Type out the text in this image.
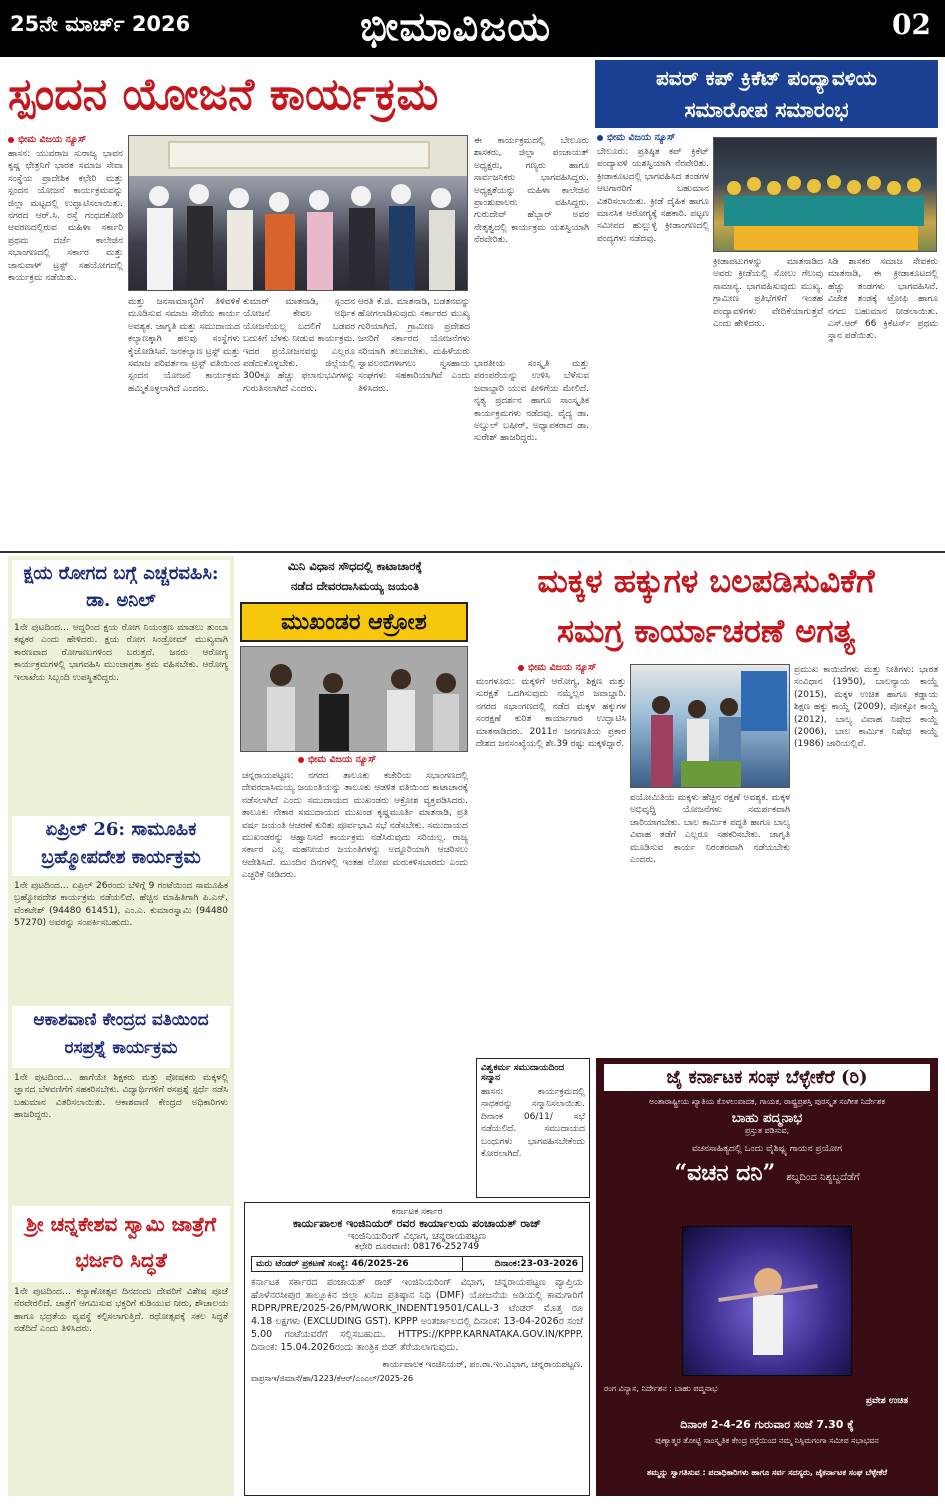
25ನೇ ಮಾರ್ಚ್ 2026	ಭೀಮಾವಿಜಯ	02
ಸ್ಪಂದನ ಯೋಜನೆ ಕಾರ್ಯಕ್ರಮ
ಭೀಮ ವಿಜಯ ನ್ಯೂಸ್
ಹಾಸನ: ಯುವರಾಜ ಸುರಾಜ್ಯ ಭಾವನ ಕೃಷ್ಣ ಛೇತ್ರನಿಗೆ ಭಾರತ ಸಮಾಜ ಸೇವಾ ಸಂಸ್ಥೆಯ ಪ್ರಾದೇಶಿಕ ಕಛೇರಿ ಮತ್ತು ಸ್ಪಂದನ ಯೋಜನೆ ಕಾರ್ಯಕ್ರಮವನ್ನು ಜಿಲ್ಲಾ ಮಟ್ಟದಲ್ಲಿ ಉದ್ಘಾಟಿಸಲಾಯಿತು. ನಗರದ ಆರ್.ಸಿ. ರಸ್ತೆ ಗಂಧದಕೋಠಿ ಆವರಣದಲ್ಲಿರುವ ಮಹಿಳಾ ಸರ್ಕಾರಿ ಪ್ರಥಮ ದರ್ಜೆ ಕಾಲೇಜಿನ ಸಭಾಂಗಣದಲ್ಲಿ ಸರ್ಕಾರ ಮತ್ತು ಜಾನುವಾಳ್ ಟ್ರಸ್ಟ್ ಸಹಯೋಗದಲ್ಲಿ ಕಾರ್ಯಕ್ರಮ ನಡೆಯಿತು.
ಮತ್ತು ಜನಸಾಮಾನ್ಯರಿಗೆ ತಿಳಿವಳಿಕೆ ಮೂಡಿಸುವ ಸಮಾಜ ಸೇವೆಯ ಕಾರ್ಯ ಅವಶ್ಯಕ. ಜಾಗೃತಿ ಮತ್ತು ಸಮುದಾಯದ ಕಲ್ಯಾಣಕ್ಕಾಗಿ ಹಲವು ಸಂಸ್ಥೆಗಳು ಕೈಜೋಡಿಸಿವೆ. ಜನಕಲ್ಯಾಣ ಟ್ರಸ್ಟ್ ಮತ್ತು ಸಮಾಜ ಪರಿವರ್ತನಾ ಟ್ರಸ್ಟ್ ವತಿಯಿಂದ ಸ್ಪಂದನ ಯೋಜನೆ ಕಾರ್ಯಕ್ರಮ ಹಮ್ಮಿಕೊಳ್ಳಲಾಗಿದೆ ಎಂದರು.
ಕುಮಾರ್ ಮಾತನಾಡಿ, ಸ್ಪಂದನ ಯೋಜನೆ ಕೇವಲ ಅರ್ಥಿಕ ಯೋಜನೆಯಲ್ಲ ಬದಲಿಗೆ ಬಡವರ ಬದುಕಿಗೆ ಬೆಳಕು ನೀಡುವ ಕಾರ್ಯಕ್ರಮ. ಇದರ ಪ್ರಯೋಜನವನ್ನು ಎಲ್ಲರೂ ಪಡೆದುಕೊಳ್ಳಬೇಕು. ಜಿಲ್ಲೆಯಲ್ಲಿ 300ಕ್ಕೂ ಹೆಚ್ಚು ಫಲಾನುಭವಿಗಳನ್ನು ಗುರುತಿಸಲಾಗಿದೆ ಎಂದರು.
ಆರತಿ ಕೆ.ಜಿ. ಮಾತನಾಡಿ, ಬಡತನವನ್ನು ಹೋಗಲಾಡಿಸುವುದು ಸರ್ಕಾರದ ಮುಖ್ಯ ಗುರಿಯಾಗಿದೆ. ಗ್ರಾಮೀಣ ಪ್ರದೇಶದ ಜನರಿಗೆ ಸರ್ಕಾರದ ಯೋಜನೆಗಳು ಸರಿಯಾಗಿ ತಲುಪಬೇಕು. ಮಹಿಳೆಯರು ಸ್ವಾವಲಂಬಿಗಳಾಗಲು ಸ್ವಸಹಾಯ ಸಂಘಗಳು ಸಹಕಾರಿಯಾಗಿವೆ ಎಂದು ತಿಳಿಸಿದರು.
ಈ ಕಾರ್ಯಕ್ರಮದಲ್ಲಿ ಬೇಲೂರು ಶಾಸಕರು, ಜಿಲ್ಲಾ ಪಂಚಾಯತ್ ಅಧ್ಯಕ್ಷರು, ಗಣ್ಯರು ಹಾಗೂ ಸಾರ್ವಜನಿಕರು ಭಾಗವಹಿಸಿದ್ದರು. ಅಧ್ಯಕ್ಷತೆಯನ್ನು ಮಹಿಳಾ ಕಾಲೇಜಿನ ಪ್ರಾಂಶುಪಾಲರು ವಹಿಸಿದ್ದರು. ಗುರುದೇವ್ ಹೆಬ್ಬಾರ್ ಅವರ ನೇತೃತ್ವದಲ್ಲಿ ಕಾರ್ಯಕ್ರಮ ಯಶಸ್ವಿಯಾಗಿ ನೆರವೇರಿತು.
ಭಾರತೀಯ ಸಂಸ್ಕೃತಿ ಮತ್ತು ಪರಂಪರೆಯನ್ನು ಉಳಿಸಿ ಬೆಳೆಸುವ ಜವಾಬ್ದಾರಿ ಯುವ ಪೀಳಿಗೆಯ ಮೇಲಿದೆ. ನೃತ್ಯ ಪ್ರದರ್ಶನ ಹಾಗೂ ಸಾಂಸ್ಕೃತಿಕ ಕಾರ್ಯಕ್ರಮಗಳು ನಡೆದವು. ವೈದ್ಯ ಡಾ. ಅಬ್ದುಲ್ ಬಷೀರ್, ಅಧ್ಯಾಪಕರಾದ ಡಾ. ಸುರೇಶ್ ಹಾಜರಿದ್ದರು.
ಪವರ್ ಕಪ್ ಕ್ರಿಕೆಟ್ ಪಂದ್ಯಾವಳಿಯ
ಸಮಾರೋಪ ಸಮಾರಂಭ
ಭೀಮ ವಿಜಯ ನ್ಯೂಸ್
ಬೇಲೂರು: ಪ್ರತಿಷ್ಠಿತ ಕಪ್ ಕ್ರಿಕೆಟ್ ಪಂದ್ಯಾವಳಿ ಯಶಸ್ವಿಯಾಗಿ ನೆರವೇರಿತು. ಕ್ರೀಡಾಕೂಟದಲ್ಲಿ ಭಾಗವಹಿಸಿದ ತಂಡಗಳ ಆಟಗಾರರಿಗೆ ಬಹುಮಾನ ವಿತರಿಸಲಾಯಿತು. ಕ್ರೀಡೆ ದೈಹಿಕ ಹಾಗೂ ಮಾನಸಿಕ ಆರೋಗ್ಯಕ್ಕೆ ಸಹಕಾರಿ. ಪಟ್ಟಣ ಸಮೀಪದ ಹುಲ್ಲುಳ್ಳಿ ಕ್ರೀಡಾಂಗಣದಲ್ಲಿ ಪಂದ್ಯಗಳು ನಡೆದವು.
ಕ್ರೀಡಾಪಟುಗಳನ್ನು ಮಾತನಾಡಿದ ಅವರು ಕ್ರೀಡೆಯಲ್ಲಿ ಸೋಲು ಗೆಲುವು ಸಾಮಾನ್ಯ. ಭಾಗವಹಿಸುವುದು ಮುಖ್ಯ. ಗ್ರಾಮೀಣ ಪ್ರತಿಭೆಗಳಿಗೆ ಇಂತಹ ಪಂದ್ಯಾವಳಿಗಳು ವೇದಿಕೆಯಾಗುತ್ತವೆ ಎಂದು ಹೇಳಿದರು.
ಸಿಡಿ ಶಾಸಕರ ಸಮಾಜ ಸೇವಕರು ಮಾತನಾಡಿ, ಈ ಕ್ರೀಡಾಕೂಟದಲ್ಲಿ ಹೆಚ್ಚು ತಂಡಗಳು ಭಾಗವಹಿಸಿವೆ. ವಿಜೇತ ತಂಡಕ್ಕೆ ಟ್ರೋಫಿ ಹಾಗೂ ನಗದು ಬಹುಮಾನ ನೀಡಲಾಯಿತು. ಎಸ್.ಆರ್ 66 ಕ್ರಿಕೆಟರ್ಸ್ ಪ್ರಥಮ ಸ್ಥಾನ ಪಡೆಯಿತು.
ಕ್ಷಯ ರೋಗದ ಬಗ್ಗೆ ಎಚ್ಚರವಹಿಸಿ: ಡಾ. ಅನಿಲ್
1ನೇ ಪುಟದಿಂದ… ಆದ್ದರಿಂದ ಕ್ಷಯ ರೋಗ ನಿಯಂತ್ರಣ ಮಾಡಲು ತುಂಬಾ ಕಷ್ಟಕರ ಎಂದು ಹೇಳಿದರು. ಕ್ಷಯ ರೋಗ ಸಿಂಡ್ರೋಮ್ ಮುಖ್ಯವಾಗಿ ಕಾರಣವಾದ ರೋಗಾಣುಗಳಿಂದ ಬರುತ್ತದೆ. ಜನರು ಆರೋಗ್ಯ ಕಾರ್ಯಕ್ರಮಗಳಲ್ಲಿ ಭಾಗವಹಿಸಿ ಮುಂಜಾಗ್ರತಾ ಕ್ರಮ ವಹಿಸಬೇಕು. ಆರೋಗ್ಯ ಇಲಾಖೆಯ ಸಿಬ್ಬಂದಿ ಉಪಸ್ಥಿತರಿದ್ದರು.
ಏಪ್ರಿಲ್ 26: ಸಾಮೂಹಿಕ ಬ್ರಹ್ಮೋಪದೇಶ ಕಾರ್ಯಕ್ರಮ
1ನೇ ಪುಟದಿಂದ… ಏಪ್ರಿಲ್ 26ರಂದು ಬೆಳಿಗ್ಗೆ 9 ಗಂಟೆಯಿಂದ ಸಾಮೂಹಿಕ ಬ್ರಹ್ಮೋಪದೇಶ ಕಾರ್ಯಕ್ರಮ ನಡೆಯಲಿದೆ. ಹೆಚ್ಚಿನ ಮಾಹಿತಿಗಾಗಿ ಪಿ.ಎನ್. ವೆಂಕಟೇಶ್ (94480 61451), ಎಂ.ಎ. ಕುಮಾರಸ್ವಾಮಿ (94480 57270) ಅವರನ್ನು ಸಂಪರ್ಕಿಸಬಹುದು.
ಆಕಾಶವಾಣಿ ಕೇಂದ್ರದ ವತಿಯಿಂದ ರಸಪ್ರಶ್ನೆ ಕಾರ್ಯಕ್ರಮ
1ನೇ ಪುಟದಿಂದ… ಹಾಗೆಯೇ ಶಿಕ್ಷಕರು ಮತ್ತು ಪೋಷಕರು ಮಕ್ಕಳಲ್ಲಿ ಜ್ಞಾನದ ಬೆಳವಣಿಗೆಗೆ ಸಹಕರಿಸಬೇಕು. ವಿದ್ಯಾರ್ಥಿಗಳಿಗೆ ರಸಪ್ರಶ್ನೆ ಸ್ಪರ್ಧೆ ನಡೆಸಿ ಬಹುಮಾನ ವಿತರಿಸಲಾಯಿತು. ಆಕಾಶವಾಣಿ ಕೇಂದ್ರದ ಅಧಿಕಾರಿಗಳು ಹಾಜರಿದ್ದರು.
ಶ್ರೀ ಚನ್ನಕೇಶವ ಸ್ವಾಮಿ ಜಾತ್ರೆಗೆ ಭರ್ಜರಿ ಸಿದ್ಧತೆ
1ನೇ ಪುಟದಿಂದ… ಕಲ್ಯಾಣೋತ್ಸವ ದಿನದಂದು ದೇವರಿಗೆ ವಿಶೇಷ ಪೂಜೆ ನೆರವೇರಲಿದೆ. ಜಾತ್ರೆಗೆ ಆಗಮಿಸುವ ಭಕ್ತರಿಗೆ ಕುಡಿಯುವ ನೀರು, ಶೌಚಾಲಯ ಹಾಗೂ ಭದ್ರತೆಯ ವ್ಯವಸ್ಥೆ ಕಲ್ಪಿಸಲಾಗುತ್ತಿದೆ. ರಥೋತ್ಸವಕ್ಕೆ ಸಕಲ ಸಿದ್ಧತೆ ನಡೆದಿದೆ ಎಂದು ತಿಳಿಸಿದರು.
ಮಿನಿ ವಿಧಾನ ಸೌಧದಲ್ಲಿ ಕಾಟಾಚಾರಕ್ಕೆ
ನಡೆದ ದೇವರದಾಸಿಮಯ್ಯ ಜಯಂತಿ
ಮುಖಂಡರ ಆಕ್ರೋಶ
ಭೀಮ ವಿಜಯ ನ್ಯೂಸ್
ಚನ್ನರಾಯಪಟ್ಟಣ: ನಗರದ ತಾಲೂಕು ಕಚೇರಿಯ ಸಭಾಂಗಣದಲ್ಲಿ ದೇವರದಾಸಿಮಯ್ಯ ಜಯಂತಿಯನ್ನು ತಾಲೂಕು ಆಡಳಿತ ವತಿಯಿಂದ ಕಾಟಾಚಾರಕ್ಕೆ ನಡೆಸಲಾಗಿದೆ ಎಂದು ಸಮುದಾಯದ ಮುಖಂಡರು ಆಕ್ರೋಶ ವ್ಯಕ್ತಪಡಿಸಿದರು. ತಾಲೂಕು ನೇಕಾರ ಸಮುದಾಯದ ಮುಖಂಡ ಕೃಷ್ಣಮೂರ್ತಿ ಮಾತನಾಡಿ, ಪ್ರತಿ ವರ್ಷ ಜಯಂತಿ ಆಚರಣೆ ಕುರಿತು ಪೂರ್ವಭಾವಿ ಸಭೆ ನಡೆಸಬೇಕು. ಸಮುದಾಯದ ಮುಖಂಡರನ್ನು ಆಹ್ವಾನಿಸದೆ ಕಾರ್ಯಕ್ರಮ ನಡೆಸಿರುವುದು ಸರಿಯಲ್ಲ. ರಾಜ್ಯ ಸರ್ಕಾರ ಎಲ್ಲ ಮಹನೀಯರ ಜಯಂತಿಗಳನ್ನು ಅದ್ದೂರಿಯಾಗಿ ಆಚರಿಸಲು ಆದೇಶಿಸಿದೆ. ಮುಂದಿನ ದಿನಗಳಲ್ಲಿ ಇಂತಹ ಲೋಪ ಮರುಕಳಿಸಬಾರದು ಎಂದು ಎಚ್ಚರಿಕೆ ನೀಡಿದರು.
ಮಕ್ಕಳ ಹಕ್ಕುಗಳ ಬಲಪಡಿಸುವಿಕೆಗೆ
ಸಮಗ್ರ ಕಾರ್ಯಾಚರಣೆ ಅಗತ್ಯ
ಭೀಮ ವಿಜಯ ನ್ಯೂಸ್
ಮಂಗಳೂರು: ಮಕ್ಕಳಿಗೆ ಆರೋಗ್ಯ, ಶಿಕ್ಷಣ ಮತ್ತು ಸುರಕ್ಷತೆ ಒದಗಿಸುವುದು ನಮ್ಮೆಲ್ಲರ ಜವಾಬ್ದಾರಿ. ನಗರದ ಸಭಾಂಗಣದಲ್ಲಿ ನಡೆದ ಮಕ್ಕಳ ಹಕ್ಕುಗಳ ಸಂರಕ್ಷಣೆ ಕುರಿತ ಕಾರ್ಯಾಗಾರ ಉದ್ಘಾಟಿಸಿ ಮಾತನಾಡಿದರು. 2011ರ ಜನಗಣತಿಯ ಪ್ರಕಾರ ದೇಶದ ಜನಸಂಖ್ಯೆಯಲ್ಲಿ ಶೇ.39 ರಷ್ಟು ಮಕ್ಕಳಿದ್ದಾರೆ.
ವಯೋಮಿತಿಯ ಮಕ್ಕಳು ಹೆಚ್ಚಿನ ರಕ್ಷಣೆ ಅವಶ್ಯಕ. ಮಕ್ಕಳ ಅಭಿವೃದ್ಧಿ ಯೋಜನೆಗಳು ಸಮರ್ಪಕವಾಗಿ ಜಾರಿಯಾಗಬೇಕು. ಬಾಲ ಕಾರ್ಮಿಕ ಪದ್ಧತಿ ಹಾಗೂ ಬಾಲ್ಯ ವಿವಾಹ ತಡೆಗೆ ಎಲ್ಲರೂ ಸಹಕರಿಸಬೇಕು. ಜಾಗೃತಿ ಮೂಡಿಸುವ ಕಾರ್ಯ ನಿರಂತರವಾಗಿ ನಡೆಯಬೇಕು ಎಂದರು.
ಪ್ರಮುಖ ಕಾಯಿದೆಗಳು ಮತ್ತು ನೀತಿಗಳು: ಭಾರತ ಸಂವಿಧಾನ (1950), ಬಾಲನ್ಯಾಯ ಕಾಯ್ದೆ (2015), ಮಕ್ಕಳ ಉಚಿತ ಹಾಗೂ ಕಡ್ಡಾಯ ಶಿಕ್ಷಣ ಹಕ್ಕು ಕಾಯ್ದೆ (2009), ಪೋಕ್ಸೋ ಕಾಯ್ದೆ (2012), ಬಾಲ್ಯ ವಿವಾಹ ನಿಷೇಧ ಕಾಯ್ದೆ (2006), ಬಾಲ ಕಾರ್ಮಿಕ ನಿಷೇಧ ಕಾಯ್ದೆ (1986) ಜಾರಿಯಲ್ಲಿವೆ.
ವಿಶ್ವಕರ್ಮ ಸಮುದಾಯದಿಂದ ಸನ್ಮಾನ
ಹಾಸನ: ಕಾರ್ಯಕ್ರಮದಲ್ಲಿ ಸಾಧಕರನ್ನು ಸನ್ಮಾನಿಸಲಾಯಿತು. ದಿನಾಂಕ 06/11/ ಸಭೆ ನಡೆಯಲಿದೆ. ಸಮುದಾಯದ ಬಂಧುಗಳು ಭಾಗವಹಿಸಬೇಕೆಂದು ಕೋರಲಾಗಿದೆ.
ಕರ್ನಾಟಕ ಸರ್ಕಾರ
ಕಾರ್ಯಪಾಲಕ ಇಂಜಿನಿಯರ್ ರವರ ಕಾರ್ಯಾಲಯ ಪಂಚಾಯತ್ ರಾಜ್
ಇಂಜಿನಿಯರಿಂಗ್ ವಿಭಾಗ, ಚನ್ನರಾಯಪಟ್ಟಣ
ಕಛೇರಿ ದೂರವಾಣಿ: 08176-252749
ಮರು ಟೆಂಡರ್ ಪ್ರಕಟಣೆ ಸಂಖ್ಯೆ: 46/2025-26	ದಿನಾಂಕ:23-03-2026
ಕರ್ನಾಟಕ ಸರ್ಕಾರದ ಪಂಚಾಯತ್ ರಾಜ್ ಇಂಜಿನಿಯರಿಂಗ್ ವಿಭಾಗ, ಚನ್ನರಾಯಪಟ್ಟಣ ವ್ಯಾಪ್ತಿಯ ಹೊಳೆನರಸೀಪುರ ತಾಲ್ಲೂಕಿನ ಜಿಲ್ಲಾ ಖನಿಜ ಪ್ರತಿಷ್ಠಾನ ನಿಧಿ (DMF) ಯೋಜನೆಯ ಅಡಿಯಲ್ಲಿ ಕಾಮಗಾರಿಗೆ RDPR/PRE/2025-26/PM/WORK_INDENT19501/CALL-3 ಟೆಂಡರ್ ಮೊತ್ತ ರೂ 4.18 ಲಕ್ಷಗಳು (EXCLUDING GST). KPPP ಅಂತರ್ಜಾಲದಲ್ಲಿ ದಿನಾಂಕ: 13-04-2026ರ ಸಂಜೆ 5.00 ಗಂಟೆಯವರೆಗೆ ಸಲ್ಲಿಸಬಹುದು. HTTPS://KPPP.KARNATAKA.GOV.IN/KPPP. ದಿನಾಂಕ: 15.04.2026ರಂದು ತಾಂತ್ರಿಕ ಬಿಡ್ ತೆರೆಯಲಾಗುವುದು.
ಕಾರ್ಯಪಾಲಕ ಇಂಜಿನಿಯರ್, ಪಂ.ರಾ.ಇಂ.ವಿಭಾಗ, ಚನ್ನರಾಯಪಟ್ಟಣ.
ವಾಪ್ರಸಾಇ/ಜಿಮಾಸೆ/ಹಾ/1223/ಕೆಆರ್/ಎಂಎಲ್/2025-26
ಜೈ ಕರ್ನಾಟಕ ಸಂಘ ಬೆಳ್ಳೇಕೆರೆ (ರಿ)
ಅಂತಾರಾಷ್ಟ್ರೀಯ ಖ್ಯಾತಿಯ ಕೊಳಲುವಾದಕ, ಗಾಯಕ, ರಾಷ್ಟ್ರಪ್ರಶಸ್ತಿ ಪುರಸ್ಕೃತ ಸಂಗೀತ ನಿರ್ದೇಶಕ
ಬಾಹು ಪದ್ಮನಾಭ
ಪ್ರಸ್ತುತ ಪಡಿಸುವ,
ವಚನಸಾಹಿತ್ಯದಲ್ಲಿ ಒಂದು ವೈಶಿಷ್ಟ್ಯ ಗಾಯನ ಪ್ರಯೋಗ
“ವಚನ ದನಿ” ಶಬ್ದದಿಂದ ನಿಶ್ಯಬ್ದದೆಡೆಗೆ
ರಂಗ ವಿನ್ಯಾಸ, ನಿರ್ದೇಶನ : ಬಾಹು ಪದ್ಮನಾಭ
ಪ್ರವೇಶ ಉಚಿತ
ದಿನಾಂಕ 2-4-26 ಗುರುವಾರ ಸಂಜೆ 7.30 ಕ್ಕೆ
ಪುಣ್ಯಾತ್ಮರ ತೋಟ್ಟಿ ಸಾಂಸ್ಕೃತಿಕ ಕೇಂದ್ರ ರಸ್ತೆಯಿಂದ ನಮ್ಮ ನಿಸ್ಸಿಮಗಂಗಾ ಸಮೀಪ ಸಭಾಭವನ
ತಮ್ಮನ್ನು ಸ್ವಾಗತಿಸುವ : ಪದಾಧಿಕಾರಿಗಳು ಹಾಗೂ ಸರ್ವ ಸದಸ್ಯರು, ಜೈಕರ್ನಾಟಕ ಸಂಘ ಬೆಳ್ಳೇಕೆರೆ
